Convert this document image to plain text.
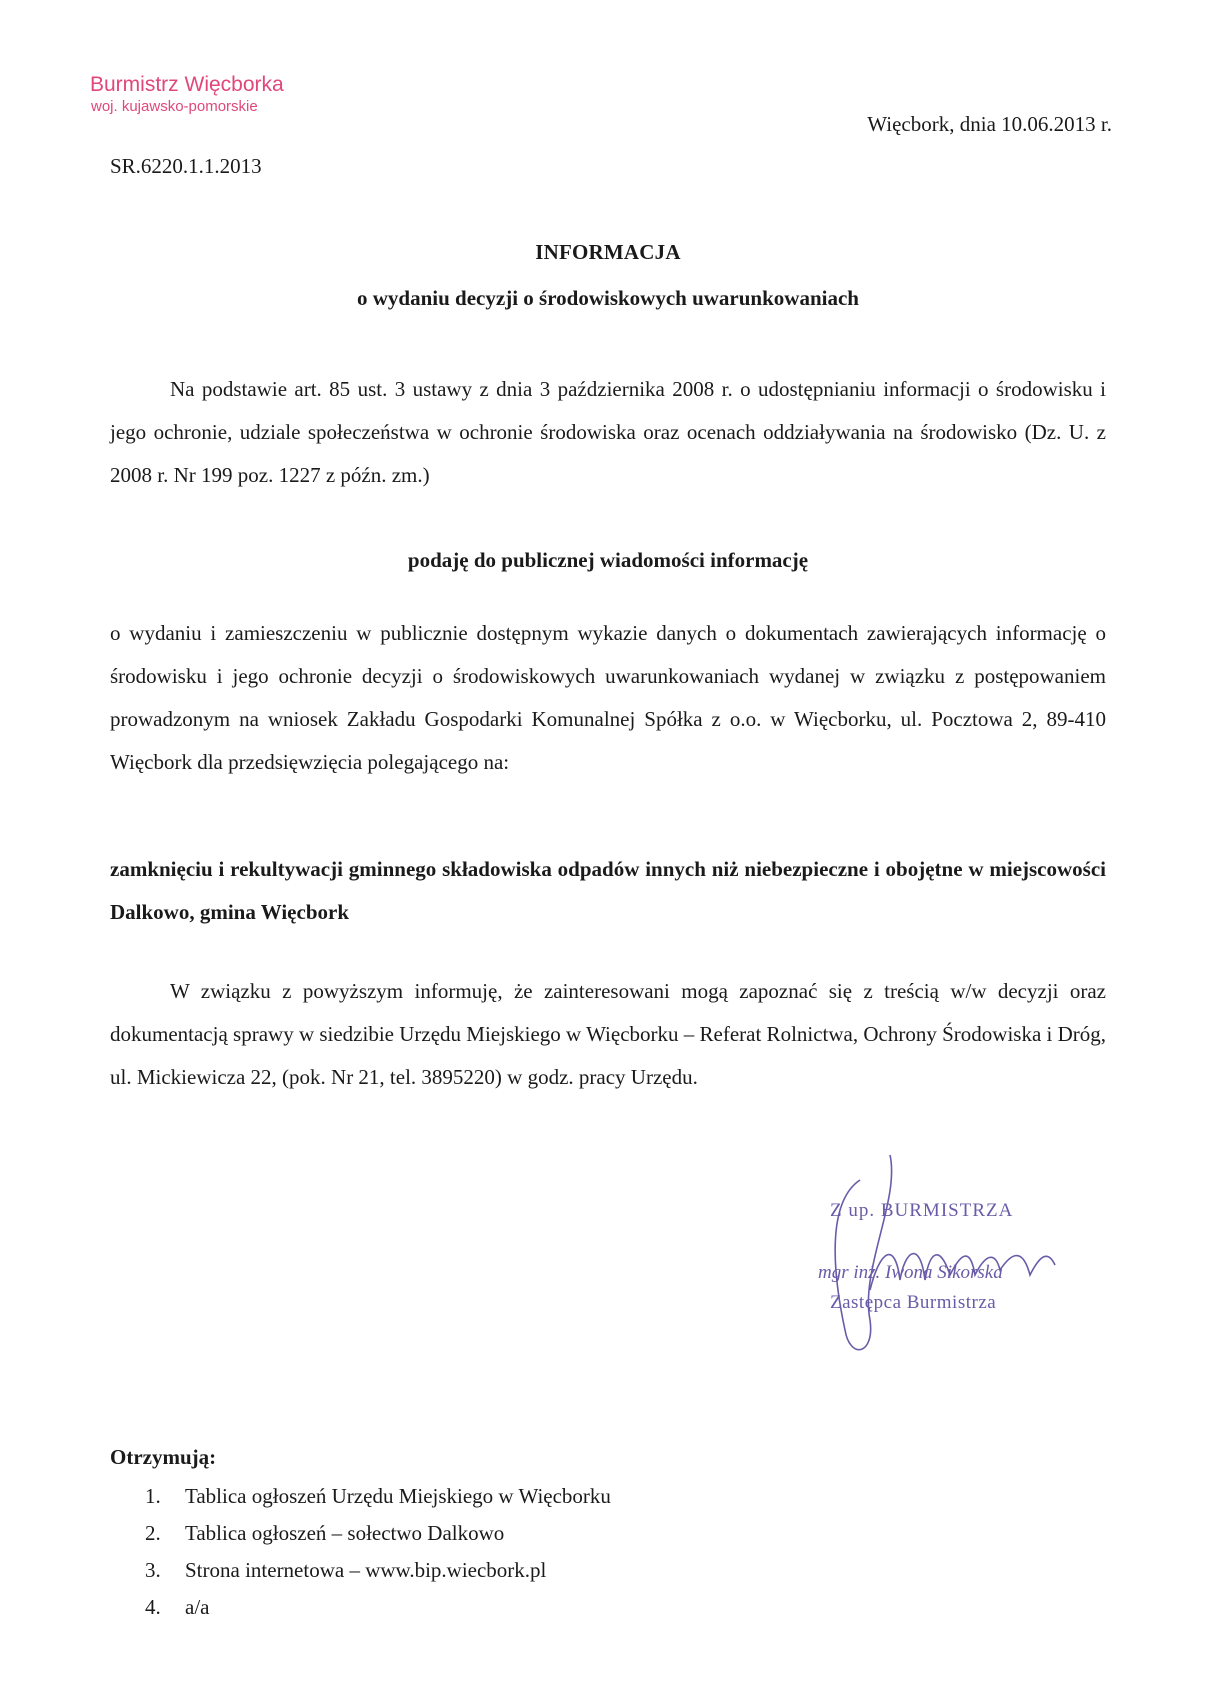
Burmistrz Więcborka
woj. kujawsko-pomorskie
Więcbork, dnia 10.06.2013 r.
SR.6220.1.1.2013
INFORMACJA
o wydaniu decyzji o środowiskowych uwarunkowaniach
Na podstawie art. 85 ust. 3 ustawy z dnia 3 października 2008 r. o udostępnianiu informacji o środowisku i jego ochronie, udziale społeczeństwa w ochronie środowiska oraz ocenach oddziaływania na środowisko (Dz. U. z 2008 r. Nr 199 poz. 1227 z późn. zm.)
podaję do publicznej wiadomości informację
o wydaniu i zamieszczeniu w publicznie dostępnym wykazie danych o dokumentach zawierających informację o środowisku i jego ochronie decyzji o środowiskowych uwarunkowaniach wydanej w związku z postępowaniem prowadzonym na wniosek Zakładu Gospodarki Komunalnej Spółka z o.o. w Więcborku, ul. Pocztowa 2, 89-410 Więcbork dla przedsięwzięcia polegającego na:
zamknięciu i rekultywacji gminnego składowiska odpadów innych niż niebezpieczne i obojętne w miejscowości Dalkowo, gmina Więcbork
W związku z powyższym informuję, że zainteresowani mogą zapoznać się z treścią w/w decyzji oraz dokumentacją sprawy w siedzibie Urzędu Miejskiego w Więcborku – Referat Rolnictwa, Ochrony Środowiska i Dróg, ul. Mickiewicza 22, (pok. Nr 21, tel. 3895220) w godz. pracy Urzędu.
Z up. BURMISTRZA
mgr inż. Iwona Sikorska
Zastępca Burmistrza
Otrzymują:
1.	Tablica ogłoszeń Urzędu Miejskiego w Więcborku
2.	Tablica ogłoszeń – sołectwo Dalkowo
3.	Strona internetowa – www.bip.wiecbork.pl
4.	a/a
